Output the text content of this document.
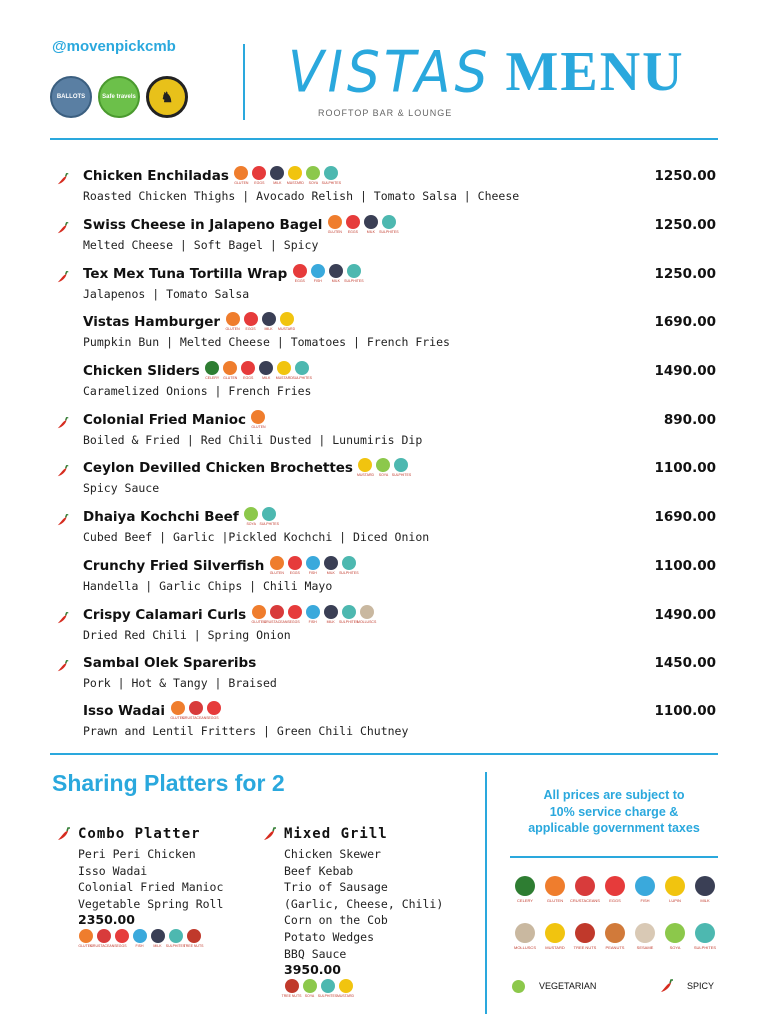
@movenpickcmb
BALLOTS	Safe travels ♞ VISTAS MENU
ROOFTOP BAR & LOUNGE
Chicken Enchiladas GLUTEN EGGS	MILK MUSTARD SOYA SULPHITES
Roasted Chicken Thighs | Avocado Relish | Tomato Salsa | Cheese
1250.00
Swiss Cheese in Jalapeno Bagel GLUTEN EGGS	MILK SULPHITES
Melted Cheese | Soft Bagel | Spicy
1250.00
Tex Mex Tuna Tortilla Wrap EGGS	FISH	MILK SULPHITES
Jalapenos | Tomato Salsa
1250.00
Vistas Hamburger GLUTEN EGGS	MILK MUSTARD
Pumpkin Bun | Melted Cheese | Tomatoes | French Fries
1690.00
Chicken Sliders CELERY GLUTEN EGGS	MILK MUSTARD SULPHITES
Caramelized Onions | French Fries
1490.00
Colonial Fried Manioc GLUTEN
Boiled & Fried | Red Chili Dusted | Lunumiris Dip
890.00
Ceylon Devilled Chicken Brochettes MUSTARD SOYA SULPHITES
Spicy Sauce
1100.00
Dhaiya Kochchi Beef SOYA SULPHITES
Cubed Beef | Garlic |Pickled Kochchi | Diced Onion
1690.00
Crunchy Fried Silverfish GLUTEN EGGS	FISH	MILK SULPHITES
Handella | Garlic Chips | Chili Mayo
1100.00
Crispy Calamari Curls GLUTEN
CRUSTACEANS EGGS	FISH	MILK SULPHITES
MOLLUSCS
Dried Red Chili | Spring Onion
1490.00
Sambal Olek Spareribs
Pork | Hot & Tangy | Braised
1450.00
Isso Wadai GLUTEN
CRUSTACEANS EGGS
Prawn and Lentil Fritters | Green Chili Chutney
1100.00
Sharing Platters for 2
Combo Platter
Peri Peri Chicken
Isso Wadai
Colonial Fried Manioc
Vegetable Spring Roll
2350.00
GLUTEN
CRUSTACEANS EGGS	FISH	MILK SULPHITES
TREE NUTS
Mixed Grill
Chicken Skewer
Beef Kebab
Trio of Sausage
(Garlic, Cheese, Chili)
Corn on the Cob
Potato Wedges
BBQ Sauce
3950.00
TREE NUTS SOYA SULPHITES MUSTARD
All prices are subject to
10% service charge &
applicable government taxes
CELERY	GLUTEN CRUSTACEANS EGGS	FISH	LUPIN	MILK
MOLLUSCS MUSTARD TREE NUTS PEANUTS	SESAME	SOYA	SULPHITES
VEGETARIAN	SPICY
